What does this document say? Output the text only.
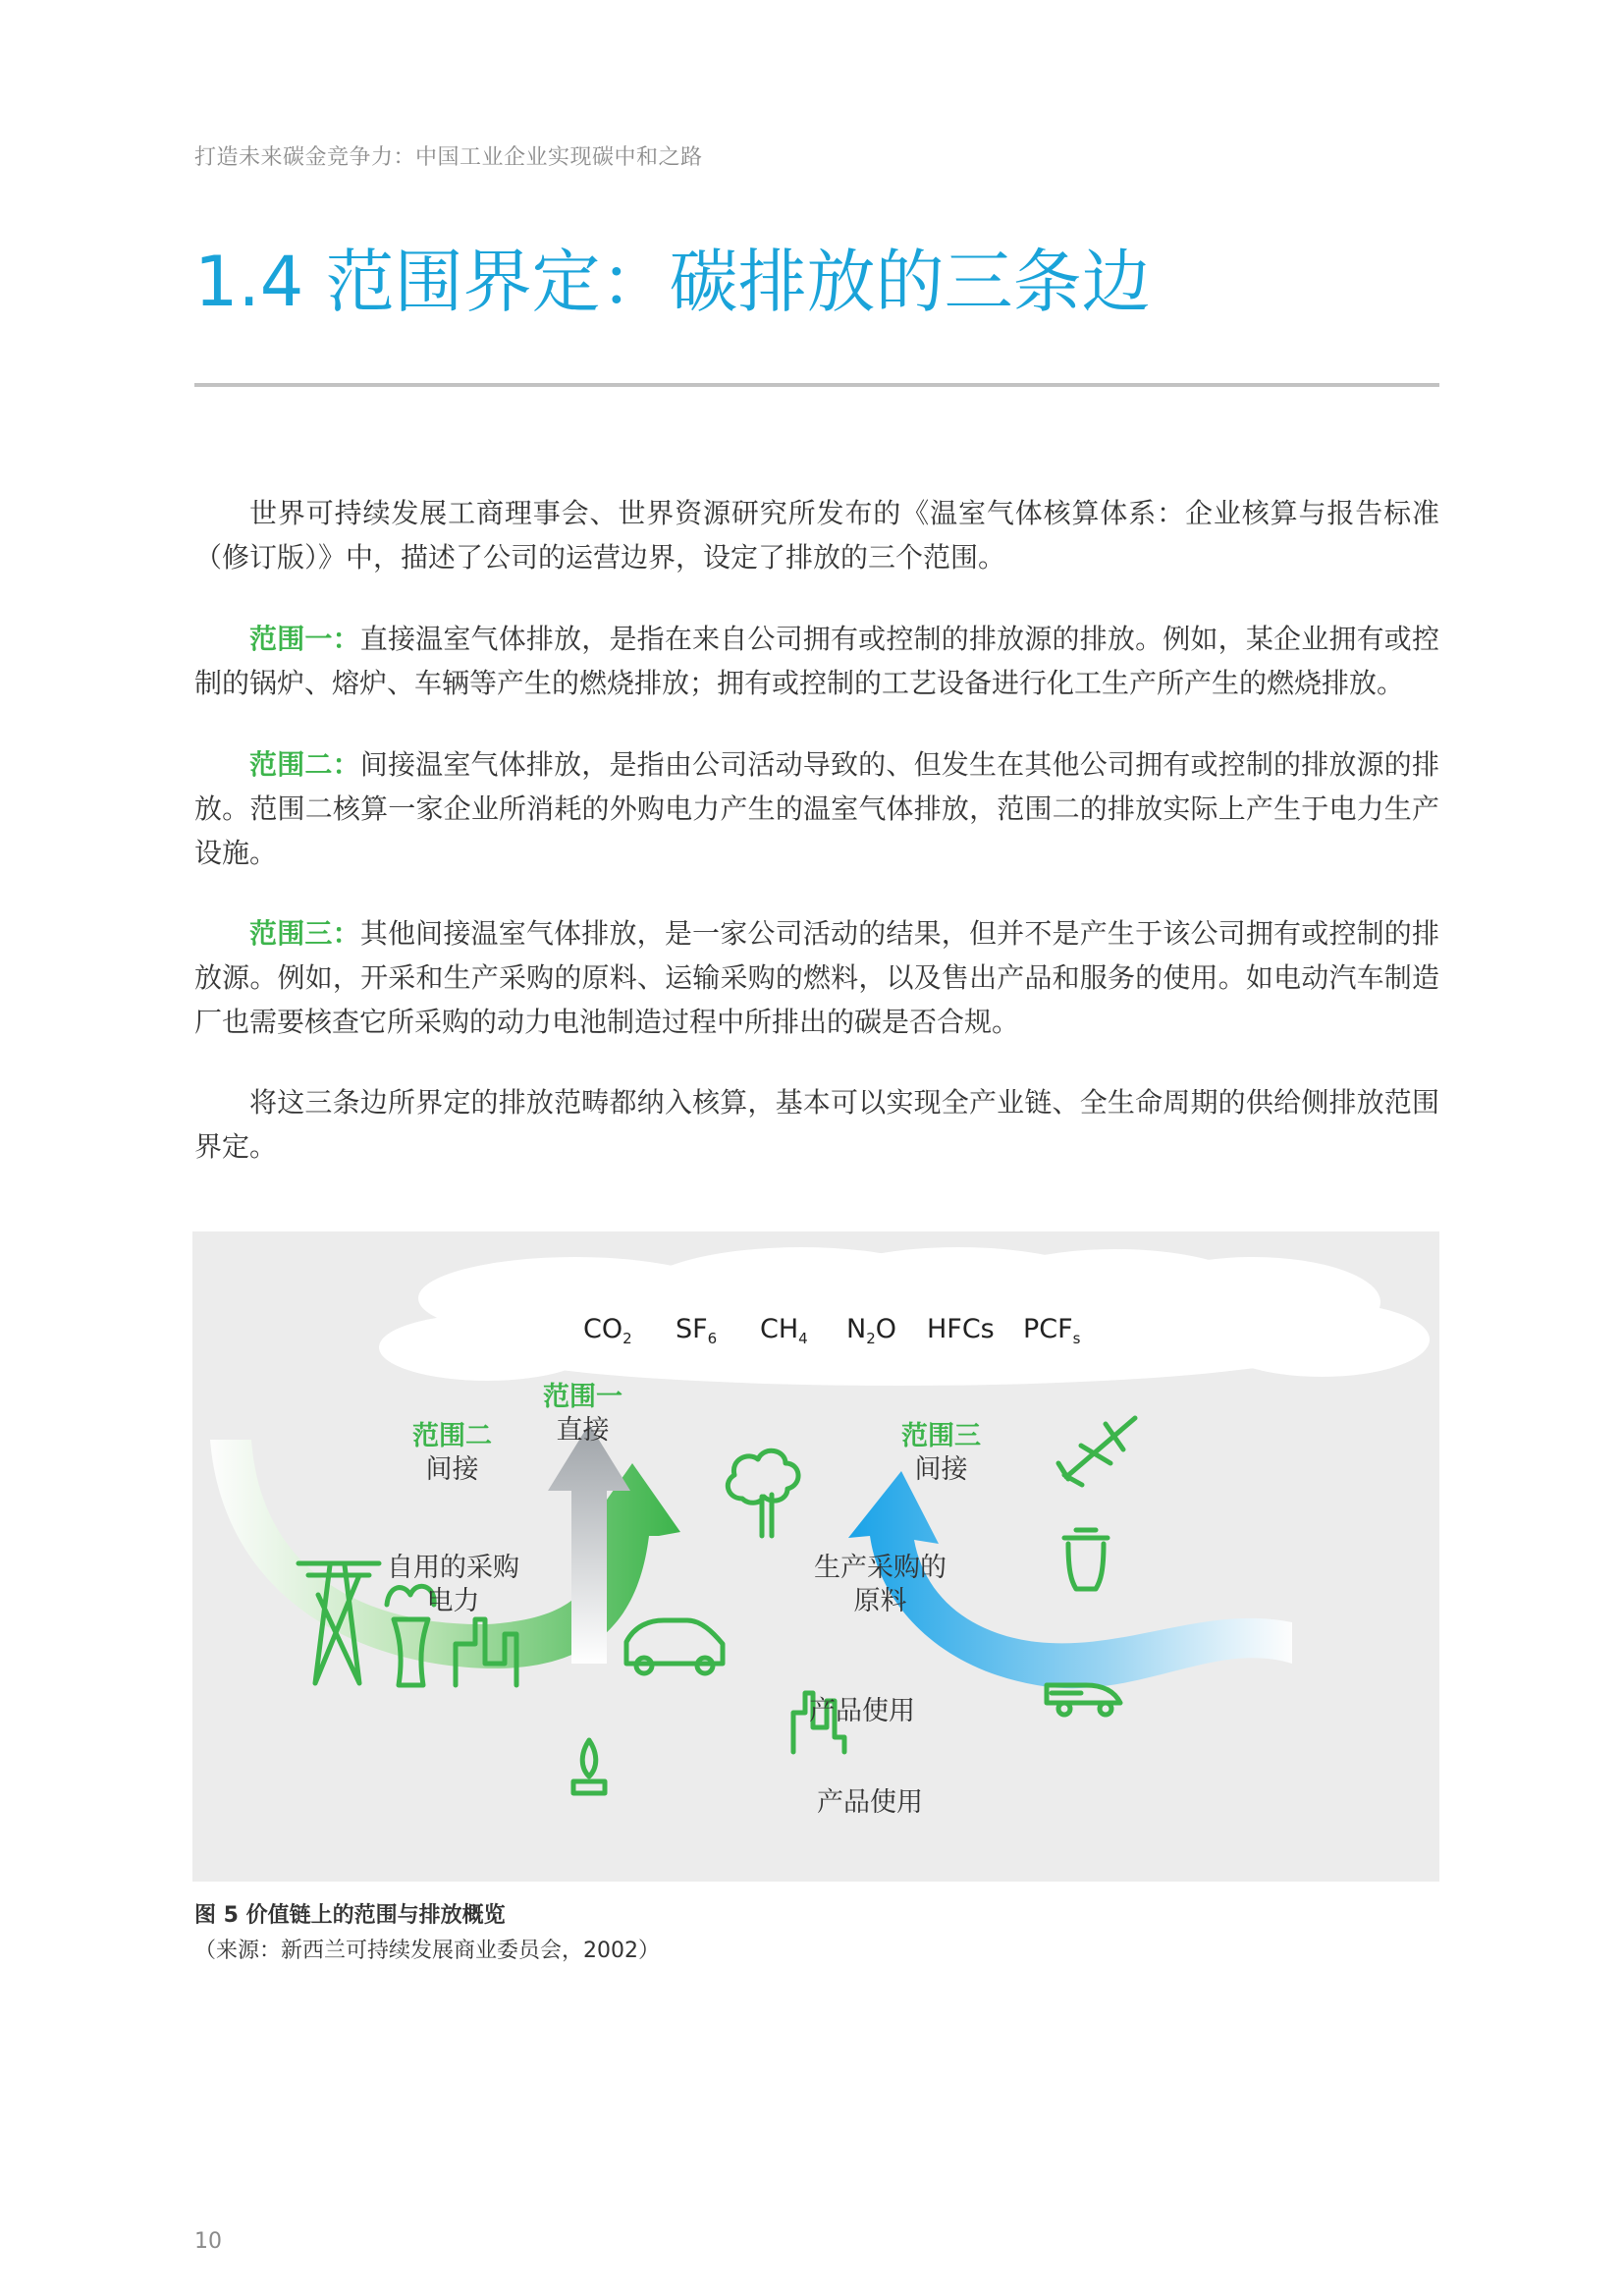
打造未来碳金竞争力：中国工业企业实现碳中和之路
1.4 范围界定：碳排放的三条边

世界可持续发展工商理事会、世界资源研究所发布的《温室气体核算体系：企业核算与报告标准（修订版）》中，描述了公司的运营边界，设定了排放的三个范围。

范围一：直接温室气体排放，是指在来自公司拥有或控制的排放源的排放。例如，某企业拥有或控制的锅炉、熔炉、车辆等产生的燃烧排放；拥有或控制的工艺设备进行化工生产所产生的燃烧排放。

范围二：间接温室气体排放，是指由公司活动导致的、但发生在其他公司拥有或控制的排放源的排放。范围二核算一家企业所消耗的外购电力产生的温室气体排放，范围二的排放实际上产生于电力生产设施。

范围三：其他间接温室气体排放，是一家公司活动的结果，但并不是产生于该公司拥有或控制的排放源。例如，开采和生产采购的原料、运输采购的燃料，以及售出产品和服务的使用。如电动汽车制造厂也需要核查它所采购的动力电池制造过程中所排出的碳是否合规。

将这三条边所界定的排放范畴都纳入核算，基本可以实现全产业链、全生命周期的供给侧排放范围界定。

$CO_2$ $SF_6$ $CH_4$ $N_2O$ HFCs $PCF_s$
范围一
直接
范围二
间接
范围三
间接
自用的采购
电力
生产采购的
原料
产品使用
产品使用
图 5 价值链上的范围与排放概览
（来源：新西兰可持续发展商业委员会，2002）
10
